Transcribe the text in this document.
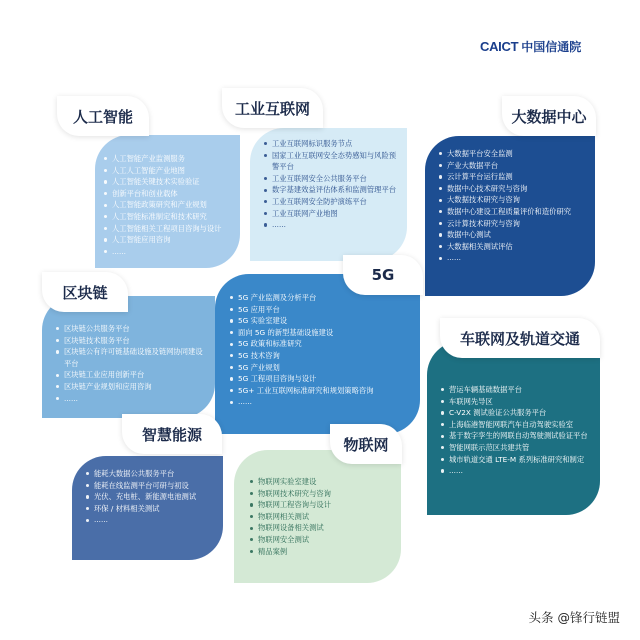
CAICT 中国信通院
人工智能产业监测服务
人工人工智能产业地图
人工智能关键技术实验验证
创新平台和创业载体
人工智能政策研究和产业规划
人工智能标准制定和技术研究
人工智能相关工程项目咨询与设计
人工智能应用咨询
......
人工智能
工业互联网标识服务节点
国家工业互联网安全态势感知与风险预警平台
工业互联网安全公共服务平台
数字基建效益评估体系和监测管理平台
工业互联网安全防护演练平台
工业互联网产业地图
......
工业互联网
大数据平台安全监测
产业大数据平台
云计算平台运行监测
数据中心技术研究与咨询
大数据技术研究与咨询
数据中心建设工程质量评价和造价研究
云计算技术研究与咨询
数据中心测试
大数据相关测试评估
......
大数据中心
区块链公共服务平台
区块链技术服务平台
区块链公有许可链基础设施及链网协同建设平台
区块链工业应用创新平台
区块链产业规划和应用咨询
......
区块链	5G 产业监测及分析平台
5G 应用平台
5G 实验室建设
面向 5G 的新型基础设施建设
5G 政策和标准研究
5G 技术咨询
5G 产业规划
5G 工程项目咨询与设计
5G+ 工业互联网标准研究和规划策略咨询
......
5G
营运车辆基础数据平台
车联网先导区
C-V2X 测试验证公共服务平台
上海临港智能网联汽车自动驾驶实验室
基于数字孪生的网联自动驾驶测试验证平台
智能网联示范区共建共管
城市轨道交通 LTE-M 系列标准研究和制定
......
车联网及轨道交通
能耗大数据公共服务平台
能耗在线监测平台可研与初设
光伏、充电桩、新能源电池测试
环保 / 材料相关测试
......
智慧能源
物联网实验室建设
物联网技术研究与咨询
物联网工程咨询与设计
物联网相关测试
物联网设备相关测试
物联网安全测试
精品案例
物联网
头条 @锋行链盟
